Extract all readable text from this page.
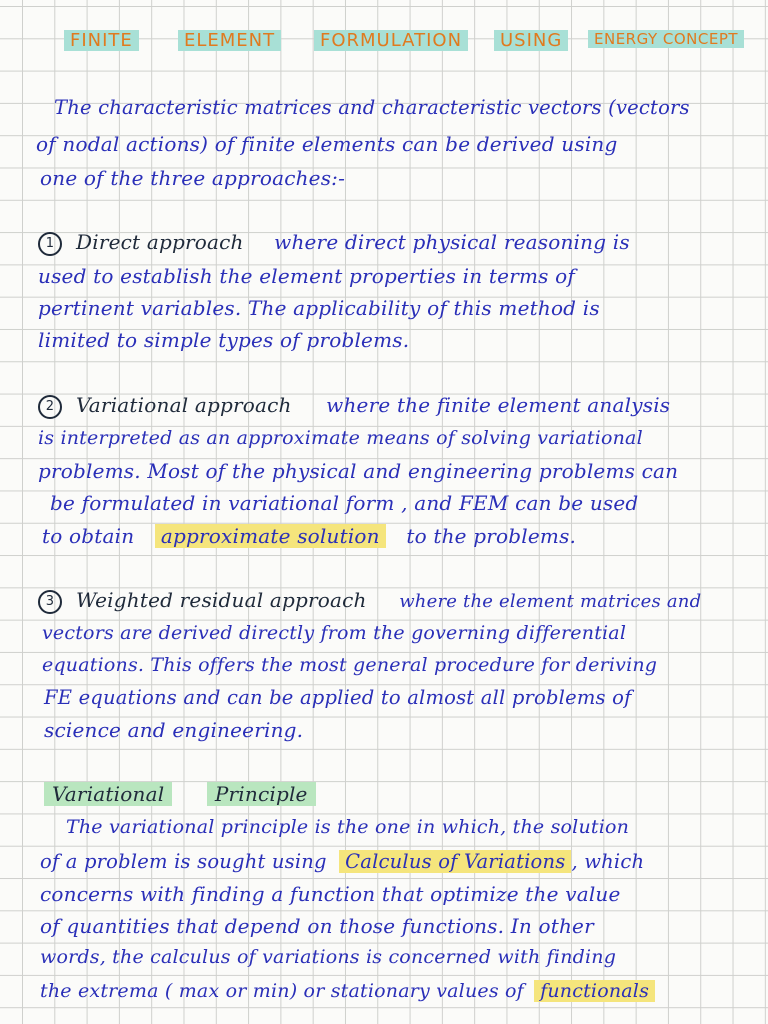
FINITE	ELEMENT	FORMULATION	USING	ENERGY CONCEPT
The characteristic matrices and characteristic vectors (vectors
of nodal actions) of finite elements can be derived using
one of the three approaches:-
1 Direct approach where direct physical reasoning is
used to establish the element properties in terms of
pertinent variables. The applicability of this method is
limited to simple types of problems.
2 Variational approach where the finite element analysis
is interpreted as an approximate means of solving variational
problems. Most of the physical and engineering problems can
be formulated in variational form , and FEM can be used
to obtain approximate solution to the problems.
3 Weighted residual approach where the element matrices and
vectors are derived directly from the governing differential
equations. This offers the most general procedure for deriving
FE equations and can be applied to almost all problems of
science and engineering.
Variational	Principle
The variational principle is the one in which, the solution
of a problem is sought using Calculus of Variations , which
concerns with finding a function that optimize the value
of quantities that depend on those functions. In other
words, the calculus of variations is concerned with finding
the extrema ( max or min) or stationary values of functionals
